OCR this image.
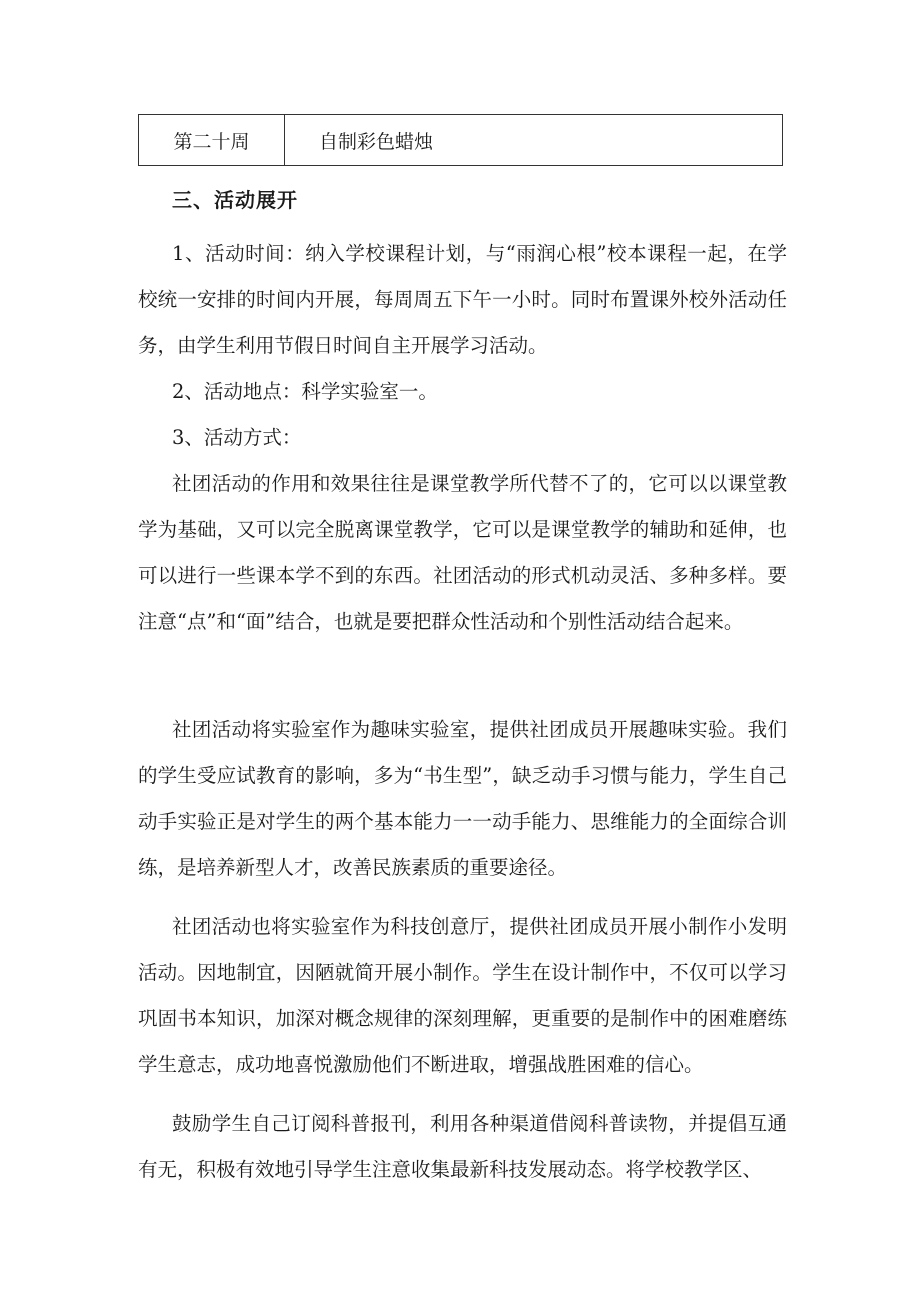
第二十周	自制彩色蜡烛
三、活动展开

1、活动时间：纳入学校课程计划，与“雨润心根”校本课程一起，在学校统一安排的时间内开展，每周周五下午一小时。同时布置课外校外活动任务，由学生利用节假日时间自主开展学习活动。

2、活动地点：科学实验室一。

3、活动方式：

社团活动的作用和效果往往是课堂教学所代替不了的，它可以以课堂教学为基础，又可以完全脱离课堂教学，它可以是课堂教学的辅助和延伸，也可以进行一些课本学不到的东西。社团活动的形式机动灵活、多种多样。要注意“点”和“面”结合，也就是要把群众性活动和个别性活动结合起来。

社团活动将实验室作为趣味实验室，提供社团成员开展趣味实验。我们的学生受应试教育的影响，多为“书生型”，缺乏动手习惯与能力，学生自己动手实验正是对学生的两个基本能力一一动手能力、思维能力的全面综合训练，是培养新型人才，改善民族素质的重要途径。

社团活动也将实验室作为科技创意厅，提供社团成员开展小制作小发明活动。因地制宜，因陋就简开展小制作。学生在设计制作中，不仅可以学习巩固书本知识，加深对概念规律的深刻理解，更重要的是制作中的困难磨练学生意志，成功地喜悦激励他们不断进取，增强战胜困难的信心。

鼓励学生自己订阅科普报刊，利用各种渠道借阅科普读物，并提倡互通有无，积极有效地引导学生注意收集最新科技发展动态。将学校教学区、
